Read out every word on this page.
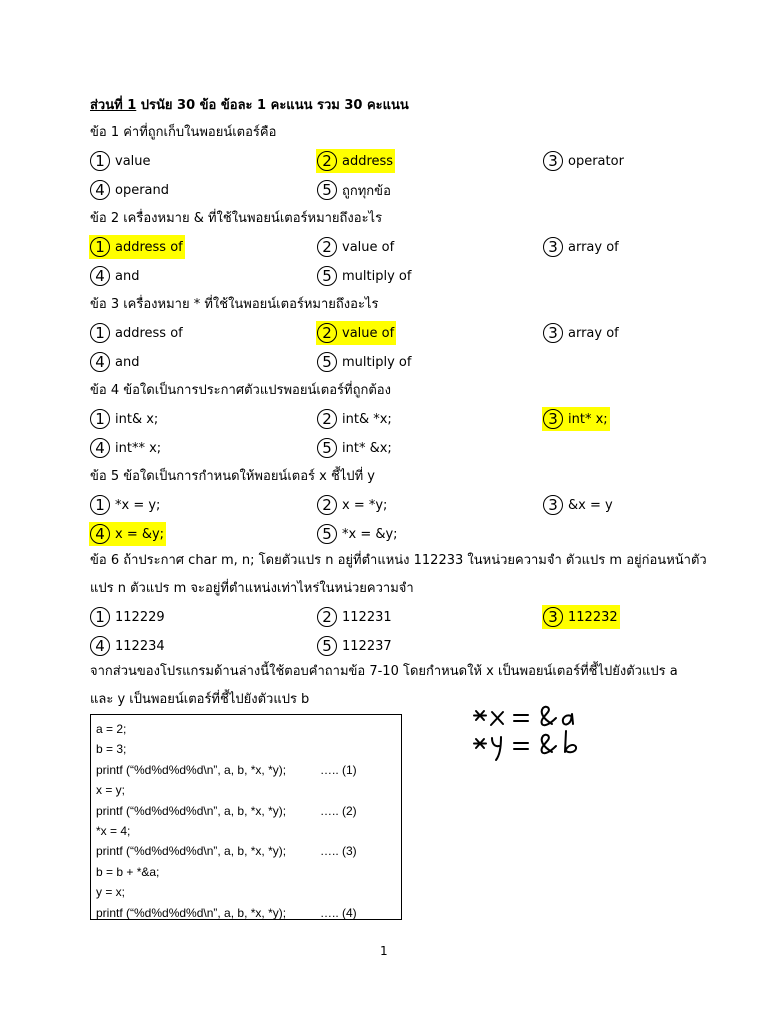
ส่วนที่ 1 ปรนัย 30 ข้อ ข้อละ 1 คะแนน รวม 30 คะแนน
ข้อ 1 ค่าที่ถูกเก็บในพอยน์เตอร์คือ
1 value	2 address	3 operator
4 operand	5 ถูกทุกข้อ
ข้อ 2 เครื่องหมาย & ที่ใช้ในพอยน์เตอร์หมายถึงอะไร
1 address of	2 value of	3 array of
4 and	5 multiply of
ข้อ 3 เครื่องหมาย * ที่ใช้ในพอยน์เตอร์หมายถึงอะไร
1 address of	2 value of	3 array of
4 and	5 multiply of
ข้อ 4 ข้อใดเป็นการประกาศตัวแปรพอยน์เตอร์ที่ถูกต้อง
1 int& x;	2 int& *x;	3 int* x;
4 int** x;	5 int* &x;
ข้อ 5 ข้อใดเป็นการกำหนดให้พอยน์เตอร์ x ชี้ไปที่ y
1 *x = y;	2 x = *y;	3 &x = y
4 x = &y;	5 *x = &y;
ข้อ 6 ถ้าประกาศ char m, n; โดยตัวแปร n อยู่ที่ตำแหน่ง 112233 ในหน่วยความจำ ตัวแปร m อยู่ก่อนหน้าตัว
แปร n ตัวแปร m จะอยู่ที่ตำแหน่งเท่าไหร่ในหน่วยความจำ
1 112229	2 112231	3 112232
4 112234	5 112237
จากส่วนของโปรแกรมด้านล่างนี้ใช้ตอบคำถามข้อ 7-10 โดยกำหนดให้ x เป็นพอยน์เตอร์ที่ชี้ไปยังตัวแปร a
และ y เป็นพอยน์เตอร์ที่ชี้ไปยังตัวแปร b
a = 2;
b = 3;
printf (“%d%d%d%d\n”, a, b, *x, *y);	….. (1)
x = y;
printf (“%d%d%d%d\n”, a, b, *x, *y);	….. (2)
*x = 4;
printf (“%d%d%d%d\n”, a, b, *x, *y);	….. (3)
b = b + *&a;
y = x;
printf (“%d%d%d%d\n”, a, b, *x, *y);	….. (4)
1
